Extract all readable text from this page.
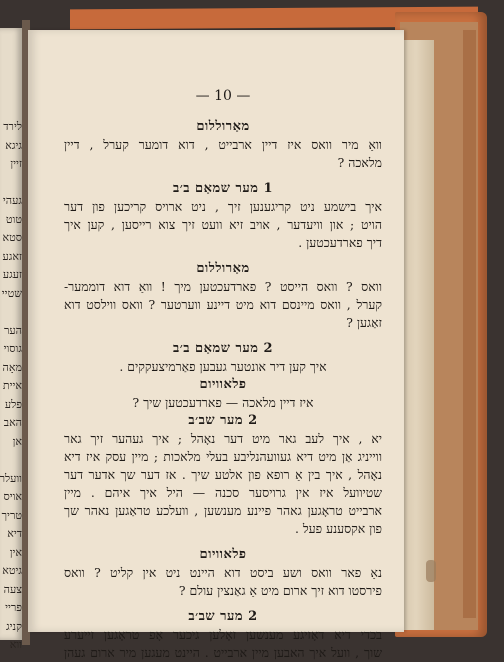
לירד
גיגא
זיין
געהי
טוט
סטא
זאגע
זעגע
שטיי
הער
גוסוי
מאָה
איית
פלע
האב
אן
וועלר
אויס
טריך
דיא
אין
גיטא
צעה
פריי
קניג
ווא
— 10 —
מאַרוללום
װאַ מיר וואס איז דיין ארבייט , דוא דומער קערל , דיין
מלאכה ?
1 מער שמאַם ב׳ב
איך בישמע ניט קריגענען זיך , ניט ארויס קריכען פון דער
הויט ; און וויעדער , אויב זיא וועט זיך צוא רייסען , קען איך
דיך פארדעכטען .
מאַרוללום
וואס ? וואס הייסט ? פארדעכטען מיך ! װאַ דוא דוממער-
קערל , וואס מיינסם דוא מיט דיינע ווערטער ? וואס ווילסט דוא
זאַגען ?
2 מער שמאַם ב׳ב
איך קען דיר אונטער געבען פאַרמיצעקקים .
פלאוויום
איז דיין מלאכה — פארדעכטען שיך ?
2 מער שב׳ב
יא , איך לעב גאר מיט דער נאָהל ; איך געהער זיך גאר
ווייניג אַן מיט דיא געוועהנליבע בעלי מלאכות ; מיין עסק איז דיא
נאָהל , איך בין אַ רופא פון אלטע שיך . אז דער שך אדער דער
שטיוועל איז אין גרויסער סכנה — היל איך איהם . מיין
ארבייט טראָגען גאהר פיינע מענשען , וועלכע טראַגען נאהר שך
פון אקסענע פעל .
פלאוויום
נאַ פאר וואס ושע ביסט דוא היינט ניט אין קליט ? וואס
פירסטו דוא זיך ארום מיט אַ גאַנצין עולם ?
2 מער שב׳ב
בכדי דיא דאָזיגע מענשען זאָלען גיכער אָפ טראָגען זייערע
שוך , וועל איך האבען מיין ארבייט . היינט מעגען מיר ארום געהן
